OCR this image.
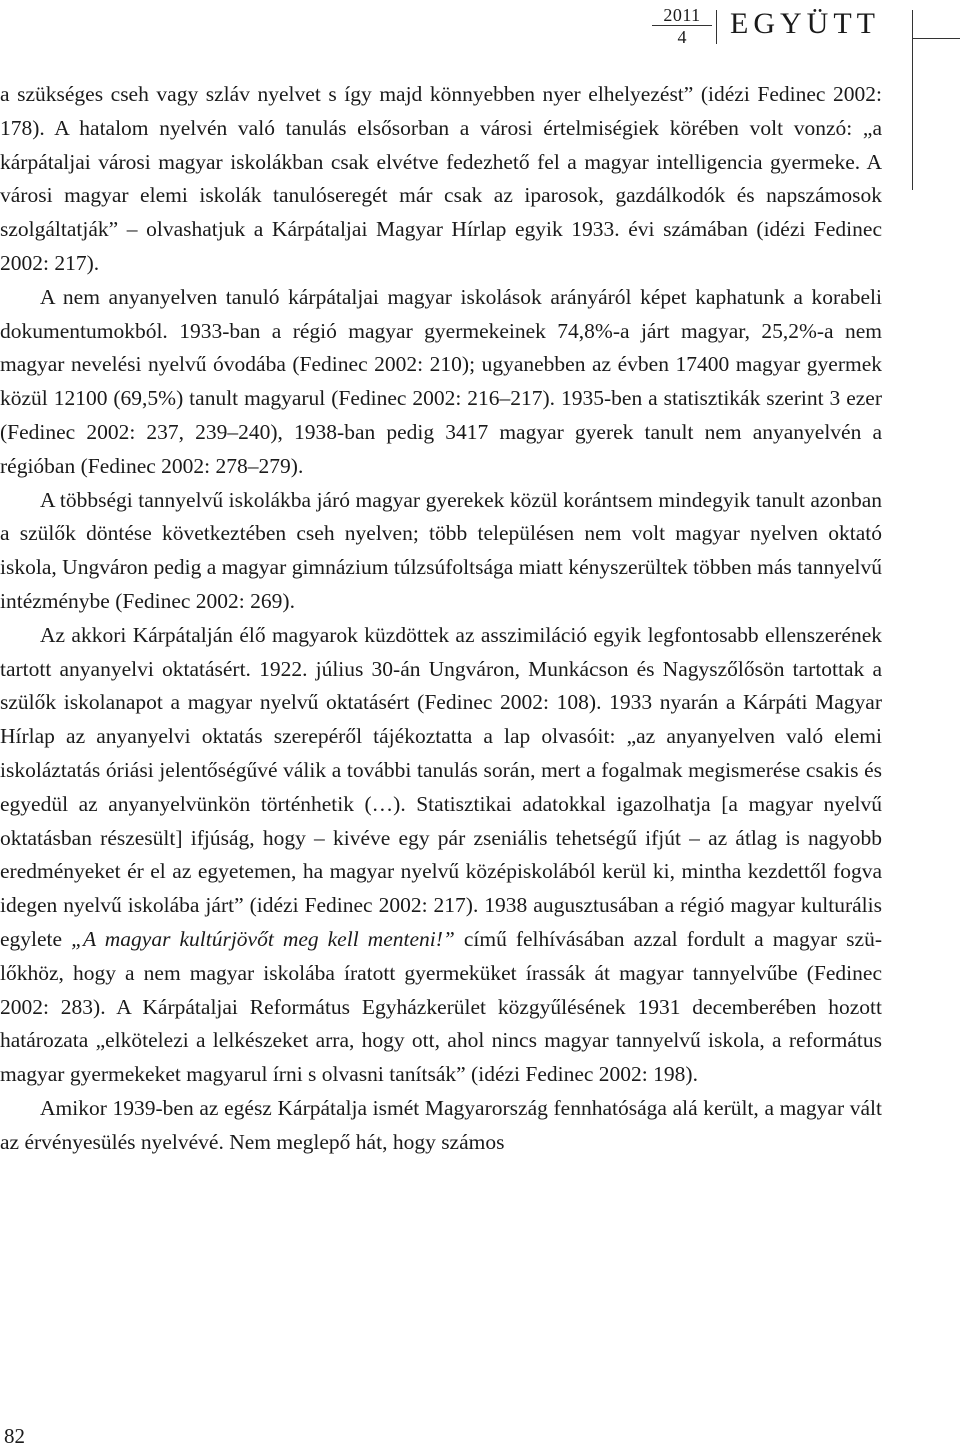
2011
4	EGYÜTT

a szükséges cseh vagy szláv nyelvet s így majd könnyebben nyer elhelyezést” (idézi Fedinec 2002: 178). A hatalom nyelvén való tanulás elsősorban a városi értelmiségiek körében volt vonzó: „a kárpátaljai városi magyar iskolákban csak elvétve fedezhető fel a magyar intelligencia gyermeke. A városi magyar elemi iskolák tanulóseregét már csak az iparosok, gazdálkodók és napszámosok szolgáltatják” – olvashatjuk a Kárpátaljai Magyar Hírlap egyik 1933. évi számában (idézi Fedinec 2002: 217).

A nem anyanyelven tanuló kárpátaljai magyar iskolások arányáról képet kaphatunk a korabeli dokumentumokból. 1933-ban a régió magyar gyermekeinek 74,8%-a járt magyar, 25,2%-a nem magyar nevelési nyelvű óvodába (Fedinec 2002: 210); ugyanebben az évben 17400 magyar gyermek közül 12100 (69,5%) tanult magyarul (Fedinec 2002: 216–217). 1935-ben a statisztikák szerint 3 ezer (Fedinec 2002: 237, 239–240), 1938-ban pedig 3417 magyar gyerek tanult nem anyanyelvén a régióban (Fedinec 2002: 278–279).

A többségi tannyelvű iskolákba járó magyar gyerekek közül korántsem mindegyik tanult azonban a szülők döntése következtében cseh nyelven; több településen nem volt magyar nyelven oktató iskola, Ungváron pedig a magyar gimnázium túlzsúfoltsága miatt kényszerültek többen más tannyelvű intézménybe (Fedinec 2002: 269).

Az akkori Kárpátalján élő magyarok küzdöttek az asszimiláció egyik legfontosabb ellenszerének tartott anyanyelvi oktatásért. 1922. július 30-án Ungváron, Munkácson és Nagyszőlősön tartottak a szülők iskolanapot a magyar nyelvű oktatásért (Fedinec 2002: 108). 1933 nyarán a Kárpáti Magyar Hírlap az anyanyelvi oktatás szerepéről tájékoztatta a lap olvasóit: „az anyanyelven való elemi iskoláztatás óriási jelentőségűvé válik a további tanulás során, mert a fogalmak megismerése csakis és egyedül az anyanyelvünkön történhetik (…). Statisztikai adatokkal igazolhatja [a magyar nyelvű oktatásban részesült] ifjúság, hogy – kivéve egy pár zseniális tehetségű ifjút – az átlag is nagyobb eredményeket ér el az egyetemen, ha magyar nyelvű középiskolából kerül ki, mintha kezdettől fogva idegen nyelvű iskolába járt” (idézi Fedinec 2002: 217). 1938 augusztusában a régió magyar kulturális egylete „A magyar kultúrjövőt meg kell menteni!” című felhívásában azzal fordult a magyar szülőkhöz, hogy a nem magyar iskolába íratott gyermeküket írassák át magyar tannyelvűbe (Fedinec 2002: 283). A Kárpátaljai Református Egyházkerület közgyűlésének 1931 decemberében hozott határozata „elkötelezi a lelkészeket arra, hogy ott, ahol nincs magyar tannyelvű iskola, a református magyar gyermekeket magyarul írni s olvasni tanítsák” (idézi Fedinec 2002: 198).

Amikor 1939-ben az egész Kárpátalja ismét Magyarország fennhatósága alá került, a magyar vált az érvényesülés nyelvévé. Nem meglepő hát, hogy számos

82
